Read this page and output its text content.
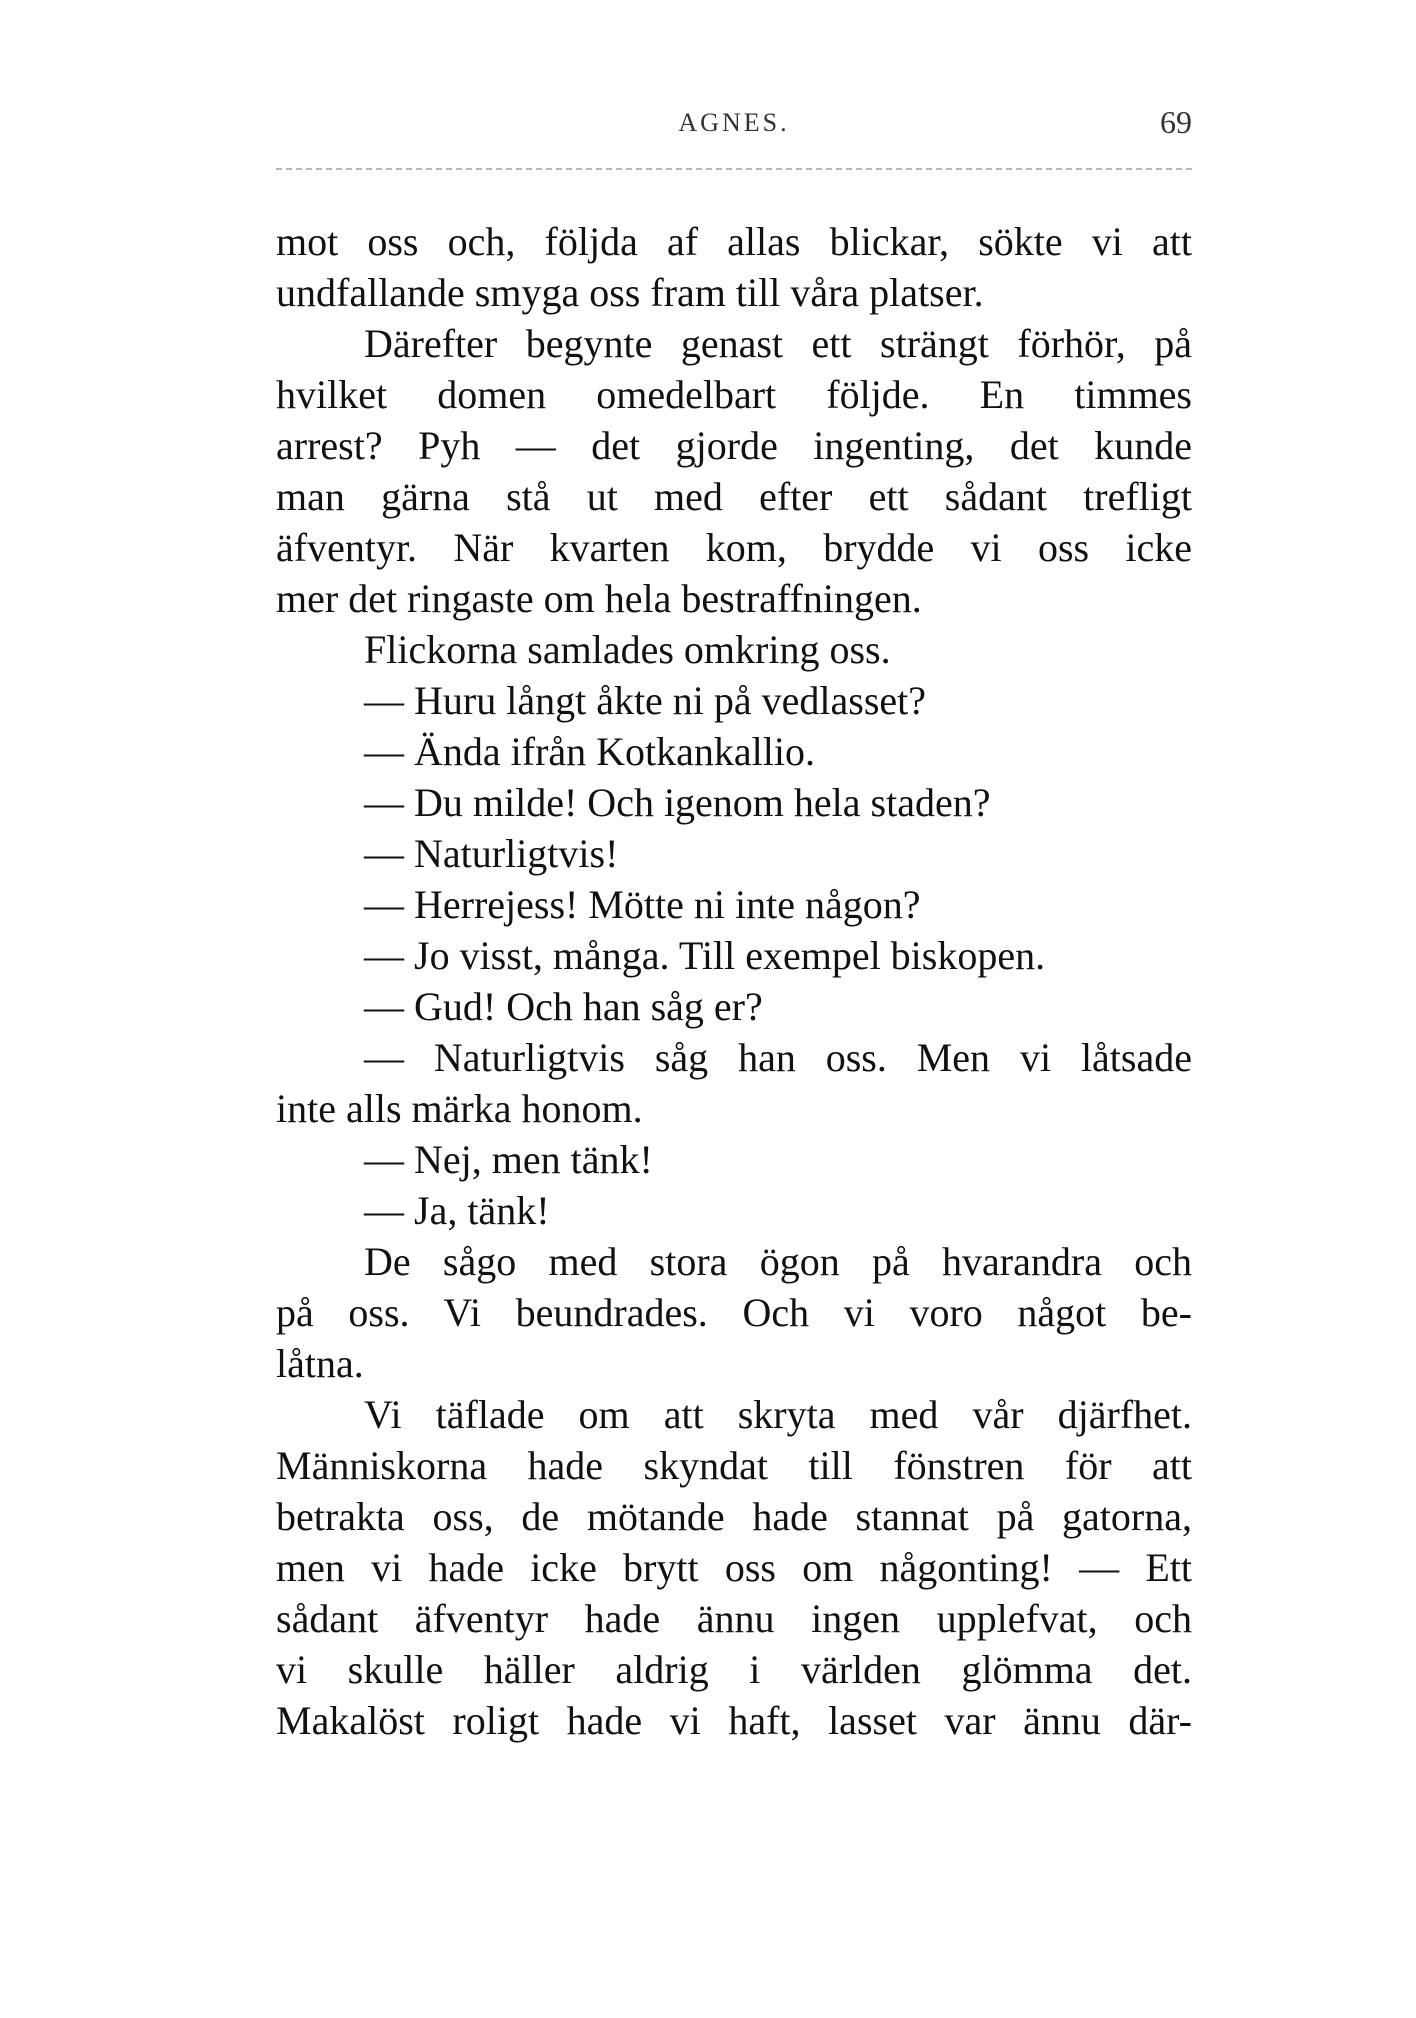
AGNES.	69
mot oss och, följda af allas blickar, sökte vi att
undfallande smyga oss fram till våra platser.
Därefter begynte genast ett strängt förhör, på
hvilket domen omedelbart följde. En timmes
arrest? Pyh — det gjorde ingenting, det kunde
man gärna stå ut med efter ett sådant trefligt
äfventyr. När kvarten kom, brydde vi oss icke
mer det ringaste om hela bestraffningen.
Flickorna samlades omkring oss.
— Huru långt åkte ni på vedlasset?
— Ända ifrån Kotkankallio.
— Du milde! Och igenom hela staden?
— Naturligtvis!
— Herrejess! Mötte ni inte någon?
— Jo visst, många. Till exempel biskopen.
— Gud! Och han såg er?
— Naturligtvis såg han oss. Men vi låtsade
inte alls märka honom.
— Nej, men tänk!
— Ja, tänk!
De sågo med stora ögon på hvarandra och
på oss. Vi beundrades. Och vi voro något be-
låtna.
Vi täflade om att skryta med vår djärfhet.
Människorna hade skyndat till fönstren för att
betrakta oss, de mötande hade stannat på gatorna,
men vi hade icke brytt oss om någonting! — Ett
sådant äfventyr hade ännu ingen upplefvat, och
vi skulle häller aldrig i världen glömma det.
Makalöst roligt hade vi haft, lasset var ännu där-
